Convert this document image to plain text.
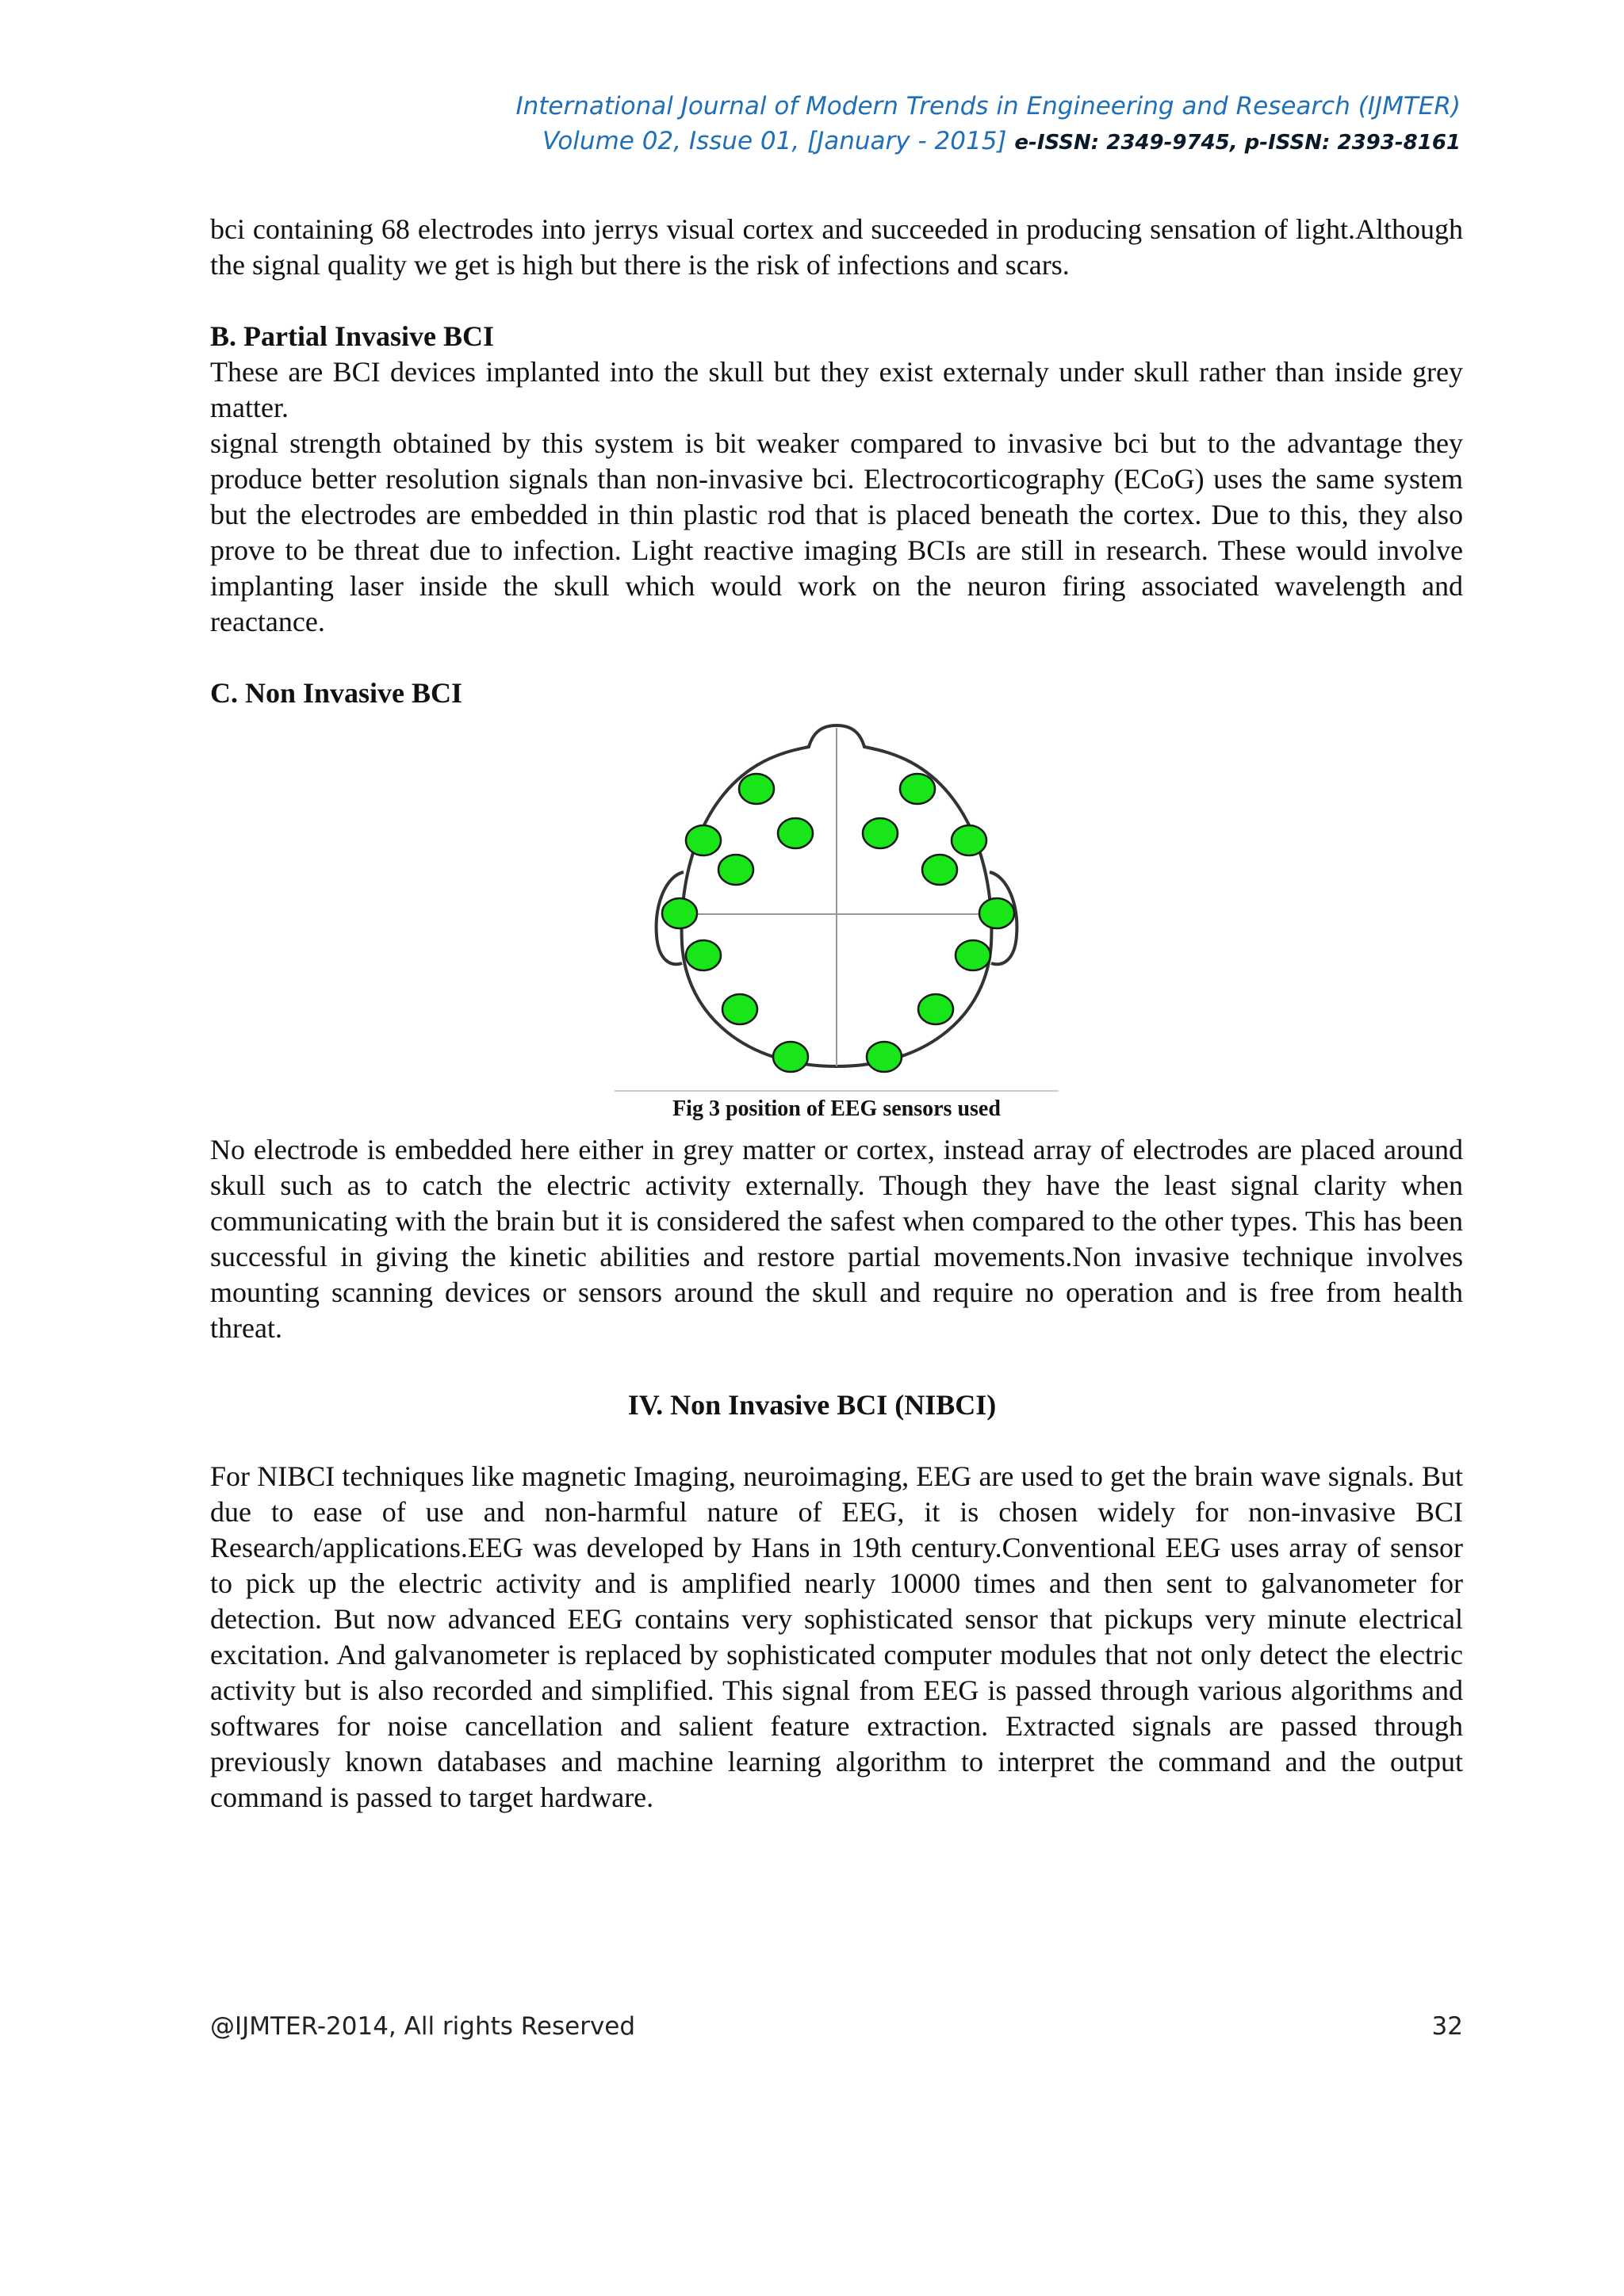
International Journal of Modern Trends in Engineering and Research (IJMTER)
Volume 02, Issue 01, [January - 2015] e-ISSN: 2349-9745, p-ISSN: 2393-8161

bci containing 68 electrodes into jerrys visual cortex and succeeded in producing sensation of light.Although the signal quality we get is high but there is the risk of infections and scars.

B. Partial Invasive BCI

These are BCI devices implanted into the skull but they exist externaly under skull rather than inside grey matter.

signal strength obtained by this system is bit weaker compared to invasive bci but to the advantage they produce better resolution signals than non-invasive bci. Electrocorticography (ECoG) uses the same system but the electrodes are embedded in thin plastic rod that is placed beneath the cortex. Due to this, they also prove to be threat due to infection. Light reactive imaging BCIs are still in research. These would involve implanting laser inside the skull which would work on the neuron firing associated wavelength and reactance.

C. Non Invasive BCI
Fig 3 position of EEG sensors used

No electrode is embedded here either in grey matter or cortex, instead array of electrodes are placed around skull such as to catch the electric activity externally. Though they have the least signal clarity when communicating with the brain but it is considered the safest when compared to the other types. This has been successful in giving the kinetic abilities and restore partial movements.Non invasive technique involves mounting scanning devices or sensors around the skull and require no operation and is free from health threat.

IV. Non Invasive BCI (NIBCI)

For NIBCI techniques like magnetic Imaging, neuroimaging, EEG are used to get the brain wave signals. But due to ease of use and non-harmful nature of EEG, it is chosen widely for non-invasive BCI Research/applications.EEG was developed by Hans in 19th century.Conventional EEG uses array of sensor to pick up the electric activity and is amplified nearly 10000 times and then sent to galvanometer for detection. But now advanced EEG contains very sophisticated sensor that pickups very minute electrical excitation. And galvanometer is replaced by sophisticated computer modules that not only detect the electric activity but is also recorded and simplified. This signal from EEG is passed through various algorithms and softwares for noise cancellation and salient feature extraction. Extracted signals are passed through previously known databases and machine learning algorithm to interpret the command and the output command is passed to target hardware.

@IJMTER-2014, All rights Reserved	32
